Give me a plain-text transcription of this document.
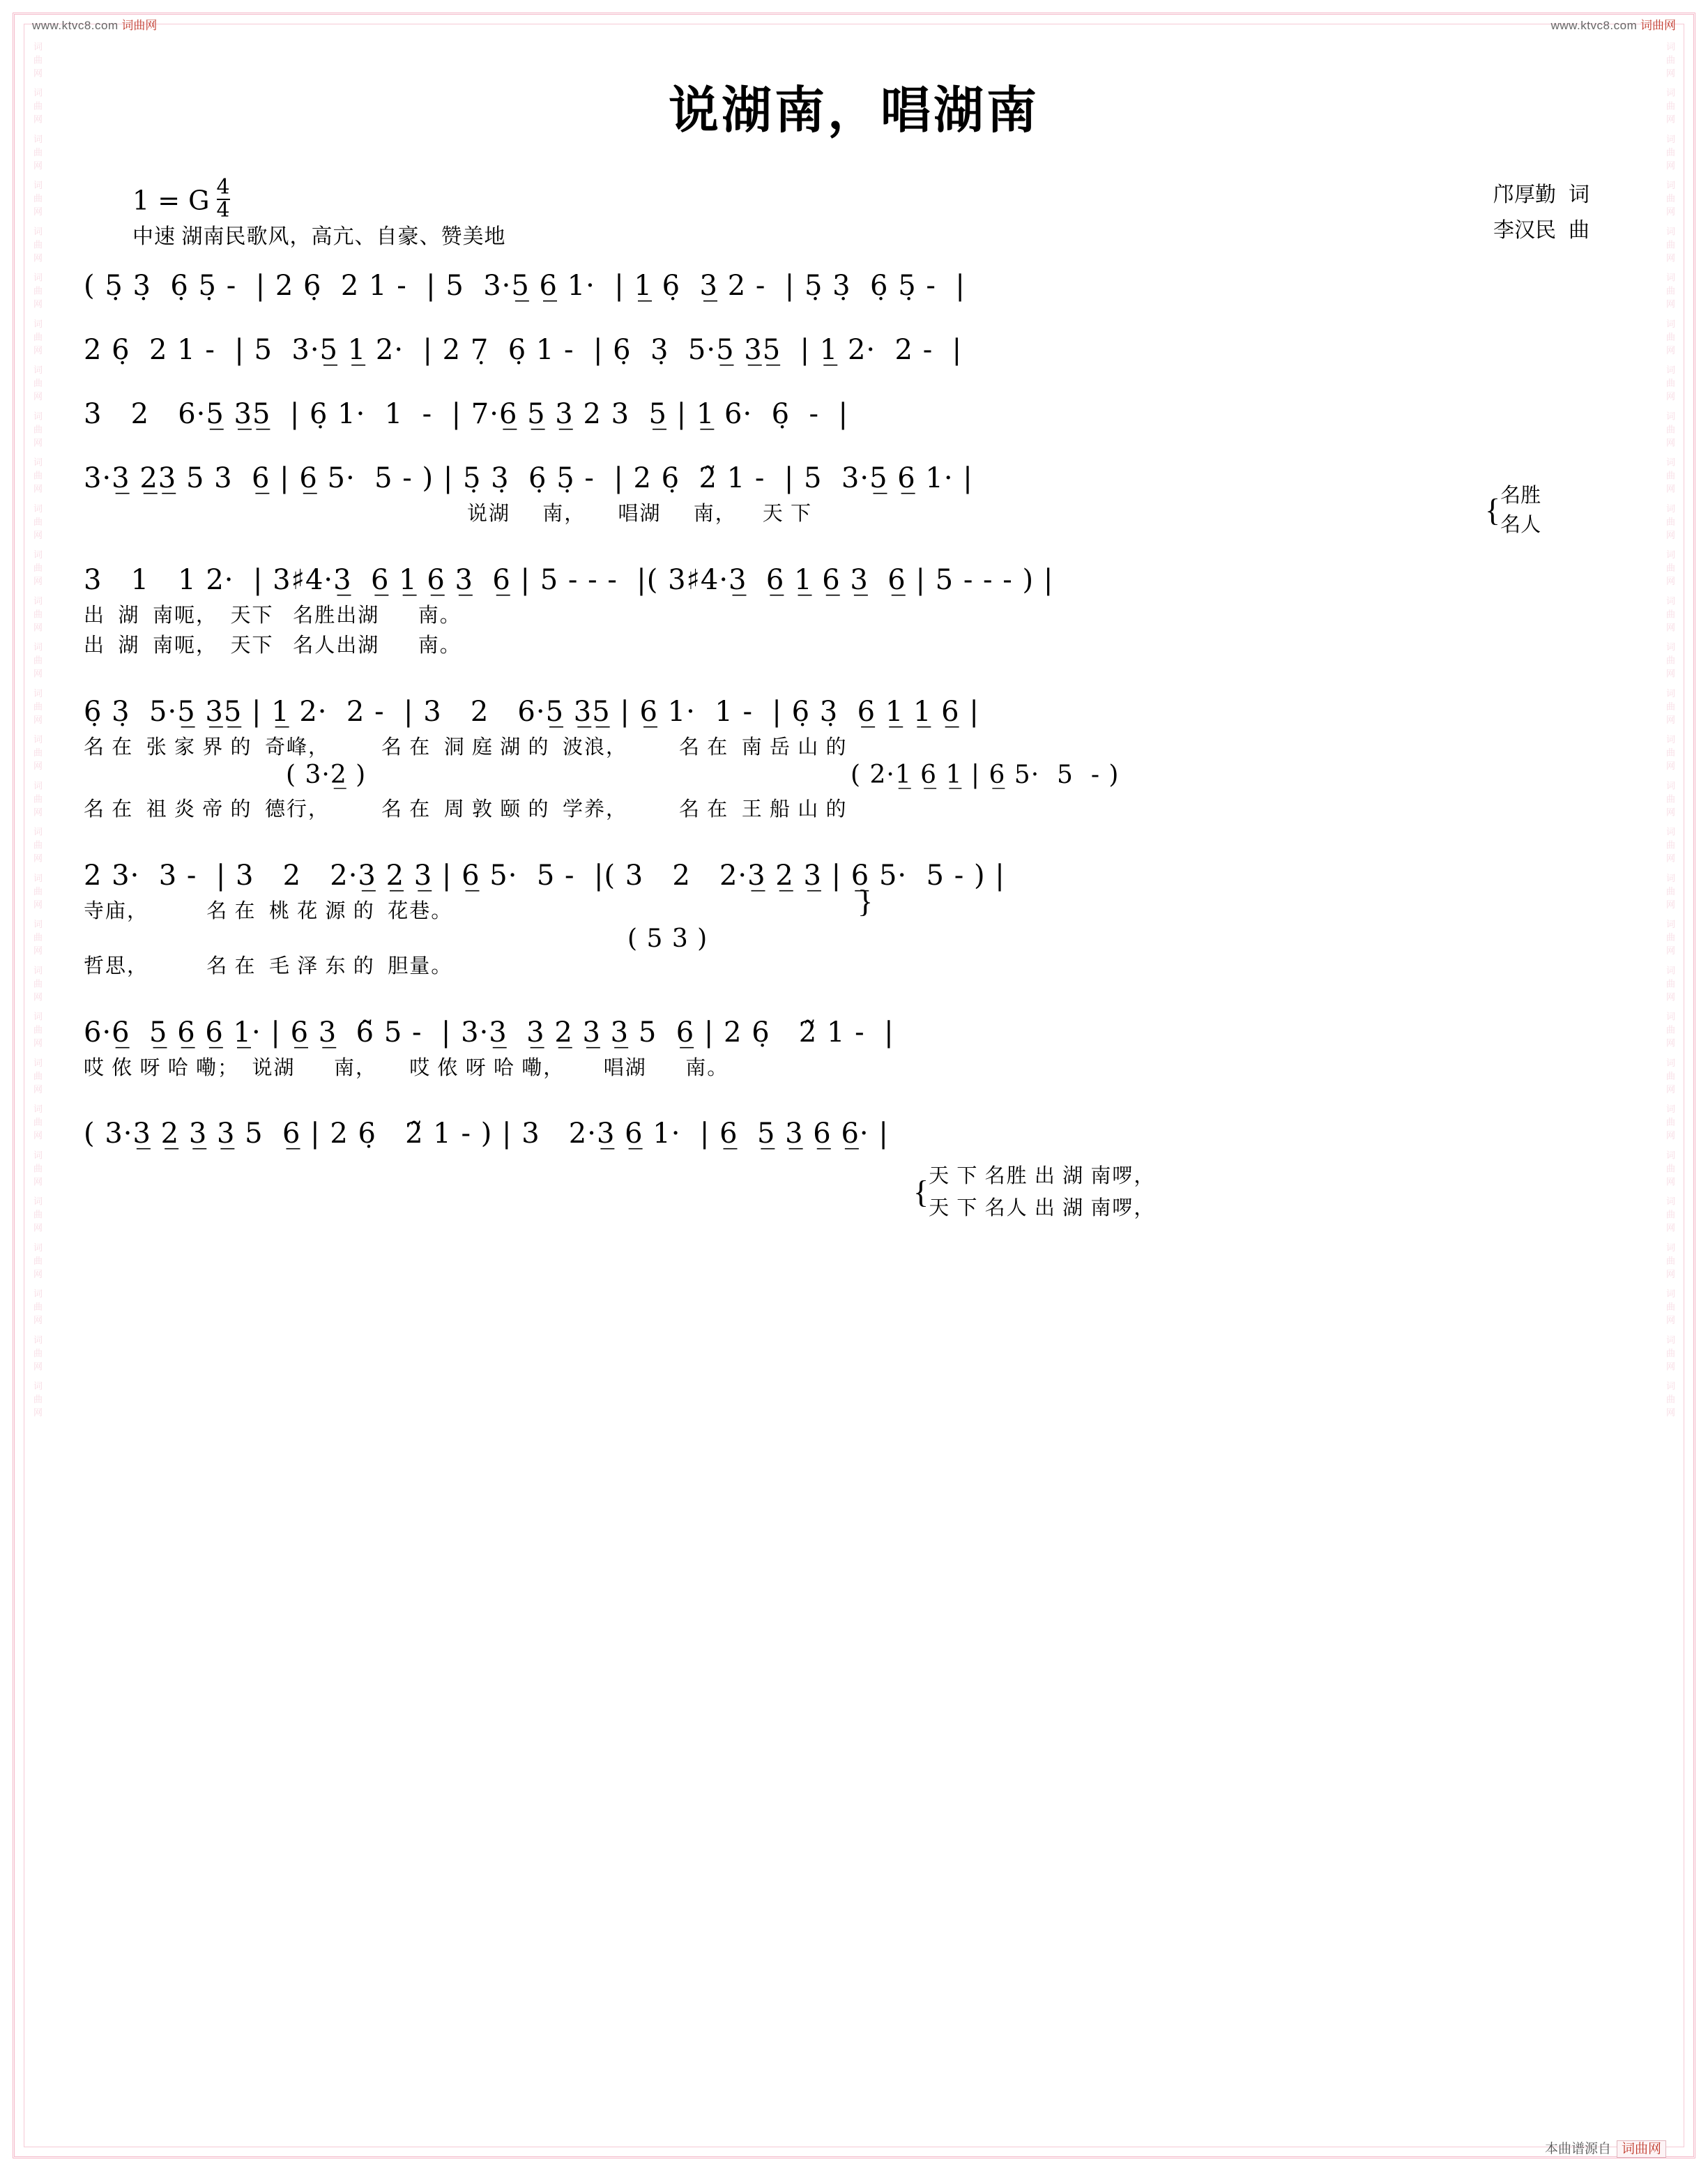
词曲网 词曲网 词曲网 词曲网 词曲网 词曲网 词曲网 词曲网 词曲网 词曲网 词曲网 词曲网 词曲网 词曲网 词曲网 词曲网 词曲网 词曲网 词曲网 词曲网 词曲网 词曲网 词曲网 词曲网 词曲网 词曲网 词曲网 词曲网 词曲网 词曲网	词曲网 词曲网 词曲网 词曲网 词曲网 词曲网 词曲网 词曲网 词曲网 词曲网 词曲网 词曲网 词曲网 词曲网 词曲网 词曲网 词曲网 词曲网 词曲网 词曲网 词曲网 词曲网 词曲网 词曲网 词曲网 词曲网 词曲网 词曲网 词曲网 词曲网
www.ktvc8.com 词曲网	www.ktvc8.com 词曲网
本曲谱源自 词曲网
说湖南，唱湖南
1 = G $\frac{4}{4}$
中速 湖南民歌风，高亢、自豪、赞美地
邝厚勤 词
李汉民 曲
( 5̣ 3̣  6̣ 5̣ -  | 2 6̣  2 1 -  | 5  3·5̲ 6̲ 1·  | 1̲ 6̣  3̲ 2 -  | 5̣ 3̣  6̣ 5̣ -  |
2 6̣  2 1 -  | 5  3·5̲ 1̲ 2·  | 2 7̣  6̣ 1 -  | 6̣  3̣  5·5̲ 3̲5̲  | 1̲ 2·  2 -  |
3   2   6·5̲ 3̲5̲  | 6̣ 1·  1  -  | 7·6̲ 5̲ 3̲ 2 3  5̲ | 1̲ 6·  6̣  -  |
3·3̲ 2̲3̲ 5 3  6̲ | 6̲ 5·  5 - ) | 5̣ 3̣  6̣ 5̣ -  | 2 6̣  2̃ 1 -  | 5  3·5̲ 6̲ 1· |
说湖     南，     唱湖     南，    天 下	{ 名胜
名人
3   1   1 2·  | 3♯4·3̲  6̲ 1̲ 6̲ 3̲  6̲ | 5 - - -  |( 3♯4·3̲  6̲ 1̲ 6̲ 3̲  6̲ | 5 - - - ) |
出  湖  南呃，  天下   名胜出湖      南。
出  湖  南呃，  天下   名人出湖      南。
6̣ 3̣  5·5̲ 3̲5̲ | 1̲ 2·  2 -  | 3   2   6·5̲ 3̲5̲ | 6̲ 1·  1 -  | 6̣ 3̣  6̲ 1̲ 1̲ 6̲ |
名 在  张 家 界 的  奇峰，        名 在  洞 庭 湖 的  波浪，        名 在  南 岳 山 的
( 3·2̲ )	( 2·1̲ 6̲ 1̲ | 6̲ 5·  5  - )
名 在  祖 炎 帝 的  德行，        名 在  周 敦 颐 的  学养，        名 在  王 船 山 的
2 3·  3 -  | 3   2   2·3̲ 2̲ 3̲ | 6̲ 5·  5 -  |( 3   2   2·3̲ 2̲ 3̲ | 6̲ 5·  5 - ) |
寺庙，         名 在  桃 花 源 的  花巷。
( 5 3 )
哲思，         名 在  毛 泽 东 的  胆量。
}
6·6̲  5̲ 6̲ 6̲ 1̲· | 6̲ 3̲  6̃ 5 -  | 3·3̲  3̲ 2̲ 3̲ 3̲ 5  6̲ | 2 6̣   2̃ 1 -  |
哎 侬 呀 哈 嘞；  说湖      南，     哎 侬 呀 哈 嘞，      唱湖      南。
( 3·3̲ 2̲ 3̲ 3̲ 5  6̲ | 2 6̣   2̃ 1 - ) | 3   2·3̲ 6̲ 1·  | 6̲  5̲ 3̲ 6̲ 6̲· |
{ 天 下 名胜 出 湖 南啰，
天 下 名人 出 湖 南啰，
